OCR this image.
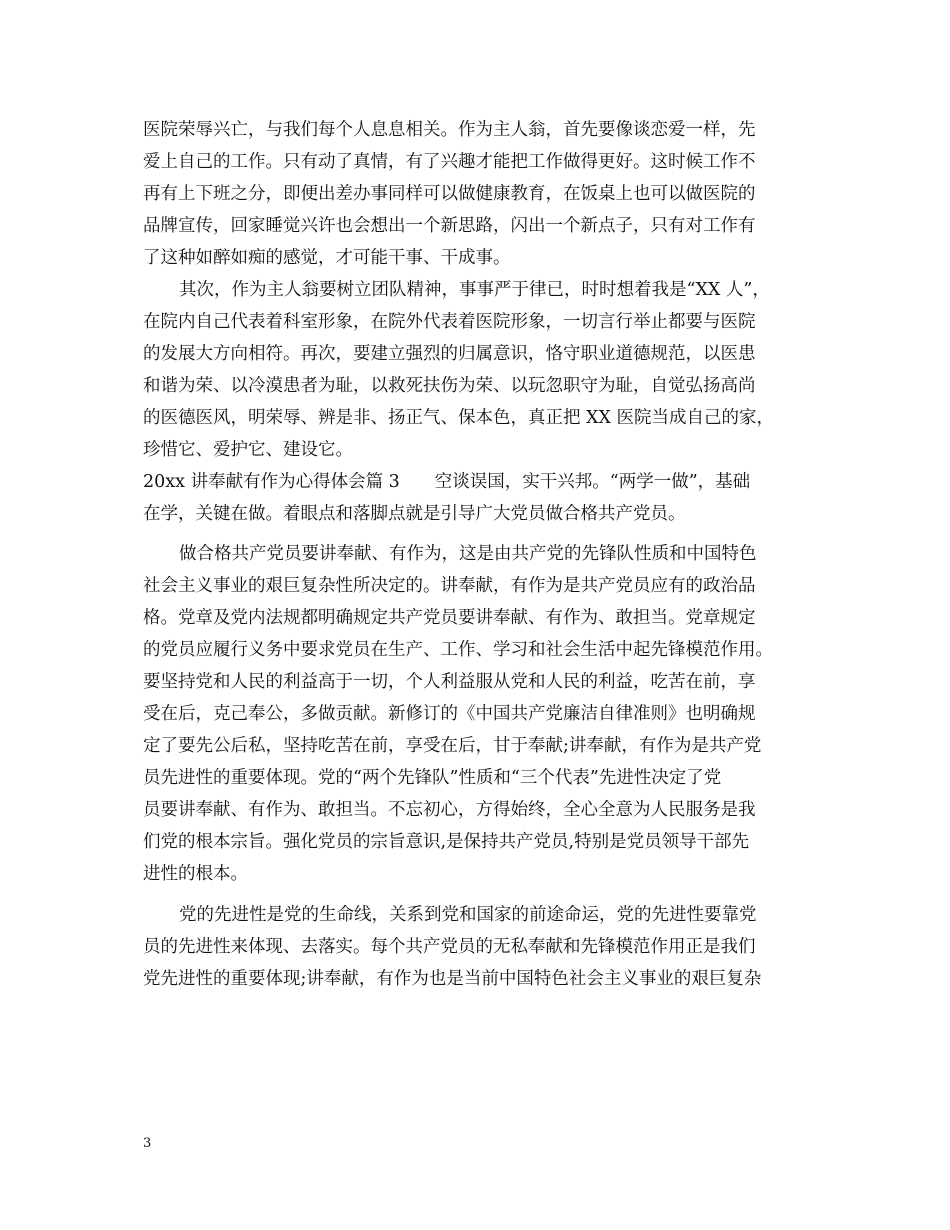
医院荣辱兴亡，与我们每个人息息相关。作为主人翁，首先要像谈恋爱一样，先
爱上自己的工作。只有动了真情，有了兴趣才能把工作做得更好。这时候工作不
再有上下班之分，即便出差办事同样可以做健康教育，在饭桌上也可以做医院的
品牌宣传，回家睡觉兴许也会想出一个新思路，闪出一个新点子，只有对工作有
了这种如醉如痴的感觉，才可能干事、干成事。
其次，作为主人翁要树立团队精神，事事严于律已，时时想着我是“XX 人”，
在院内自己代表着科室形象，在院外代表着医院形象，一切言行举止都要与医院
的发展大方向相符。再次，要建立强烈的归属意识，恪守职业道德规范，以医患
和谐为荣、以冷漠患者为耻，以救死扶伤为荣、以玩忽职守为耻，自觉弘扬高尚
的医德医风，明荣辱、辨是非、扬正气、保本色，真正把 XX 医院当成自己的家，
珍惜它、爱护它、建设它。
20xx 讲奉献有作为心得体会篇 3　　空谈误国，实干兴邦。“两学一做”，基础
在学，关键在做。着眼点和落脚点就是引导广大党员做合格共产党员。
做合格共产党员要讲奉献、有作为，这是由共产党的先锋队性质和中国特色
社会主义事业的艰巨复杂性所决定的。讲奉献，有作为是共产党员应有的政治品
格。党章及党内法规都明确规定共产党员要讲奉献、有作为、敢担当。党章规定
的党员应履行义务中要求党员在生产、工作、学习和社会生活中起先锋模范作用。
要坚持党和人民的利益高于一切，个人利益服从党和人民的利益，吃苦在前，享
受在后，克己奉公，多做贡献。新修订的《中国共产党廉洁自律准则》也明确规
定了要先公后私，坚持吃苦在前，享受在后，甘于奉献;讲奉献，有作为是共产党
员先进性的重要体现。党的“两个先锋队”性质和“三个代表”先进性决定了党
员要讲奉献、有作为、敢担当。不忘初心，方得始终，全心全意为人民服务是我
们党的根本宗旨。强化党员的宗旨意识,是保持共产党员,特别是党员领导干部先
进性的根本。
党的先进性是党的生命线，关系到党和国家的前途命运，党的先进性要靠党
员的先进性来体现、去落实。每个共产党员的无私奉献和先锋模范作用正是我们
党先进性的重要体现;讲奉献，有作为也是当前中国特色社会主义事业的艰巨复杂
3
